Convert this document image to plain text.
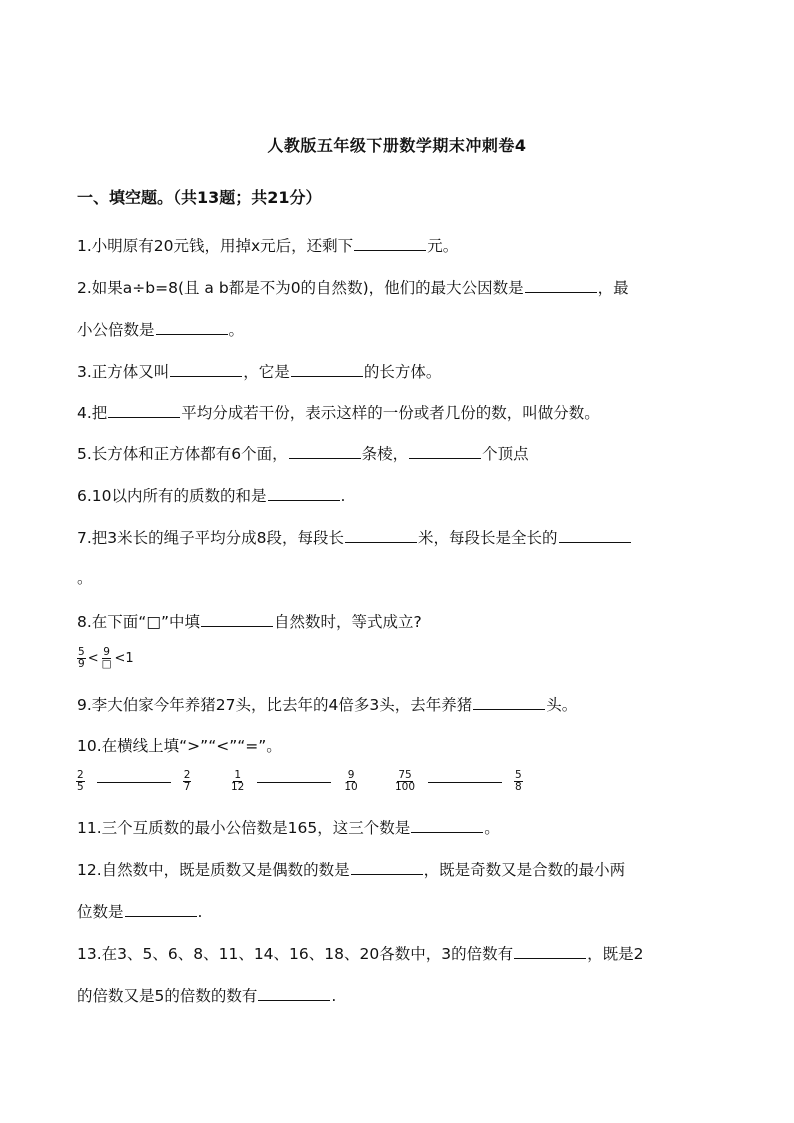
人教版五年级下册数学期末冲刺卷4
一、填空题。（共13题；共21分）
1.小明原有20元钱，用掉x元后，还剩下	元。
2.如果a÷b=8(且 a b都是不为0的自然数)，他们的最大公因数是	，最
小公倍数是	。
3.正方体又叫	，它是	的长方体。
4.把	平均分成若干份，表示这样的一份或者几份的数，叫做分数。
5.长方体和正方体都有6个面，	条棱，	个顶点
6.10以内所有的质数的和是	.
7.把3米长的绳子平均分成8段，每段长	米，每段长是全长的
。
8.在下面“□”中填	自然数时，等式成立?
$\frac{5}{9} < \frac{9}{□} <1$
9.李大伯家今年养猪27头，比去年的4倍多3头，去年养猪	头。
10.在横线上填“>”“<”“=”。
$\frac{2}{5}$	$\frac{2}{7}$	$\frac{1}{12}$	$\frac{9}{10}$	$\frac{75}{100}$	$\frac{5}{8}$
11.三个互质数的最小公倍数是165，这三个数是	。
12.自然数中，既是质数又是偶数的数是	，既是奇数又是合数的最小两
位数是	.
13.在3、5、6、8、11、14、16、18、20各数中，3的倍数有	，既是2
的倍数又是5的倍数的数有	.
